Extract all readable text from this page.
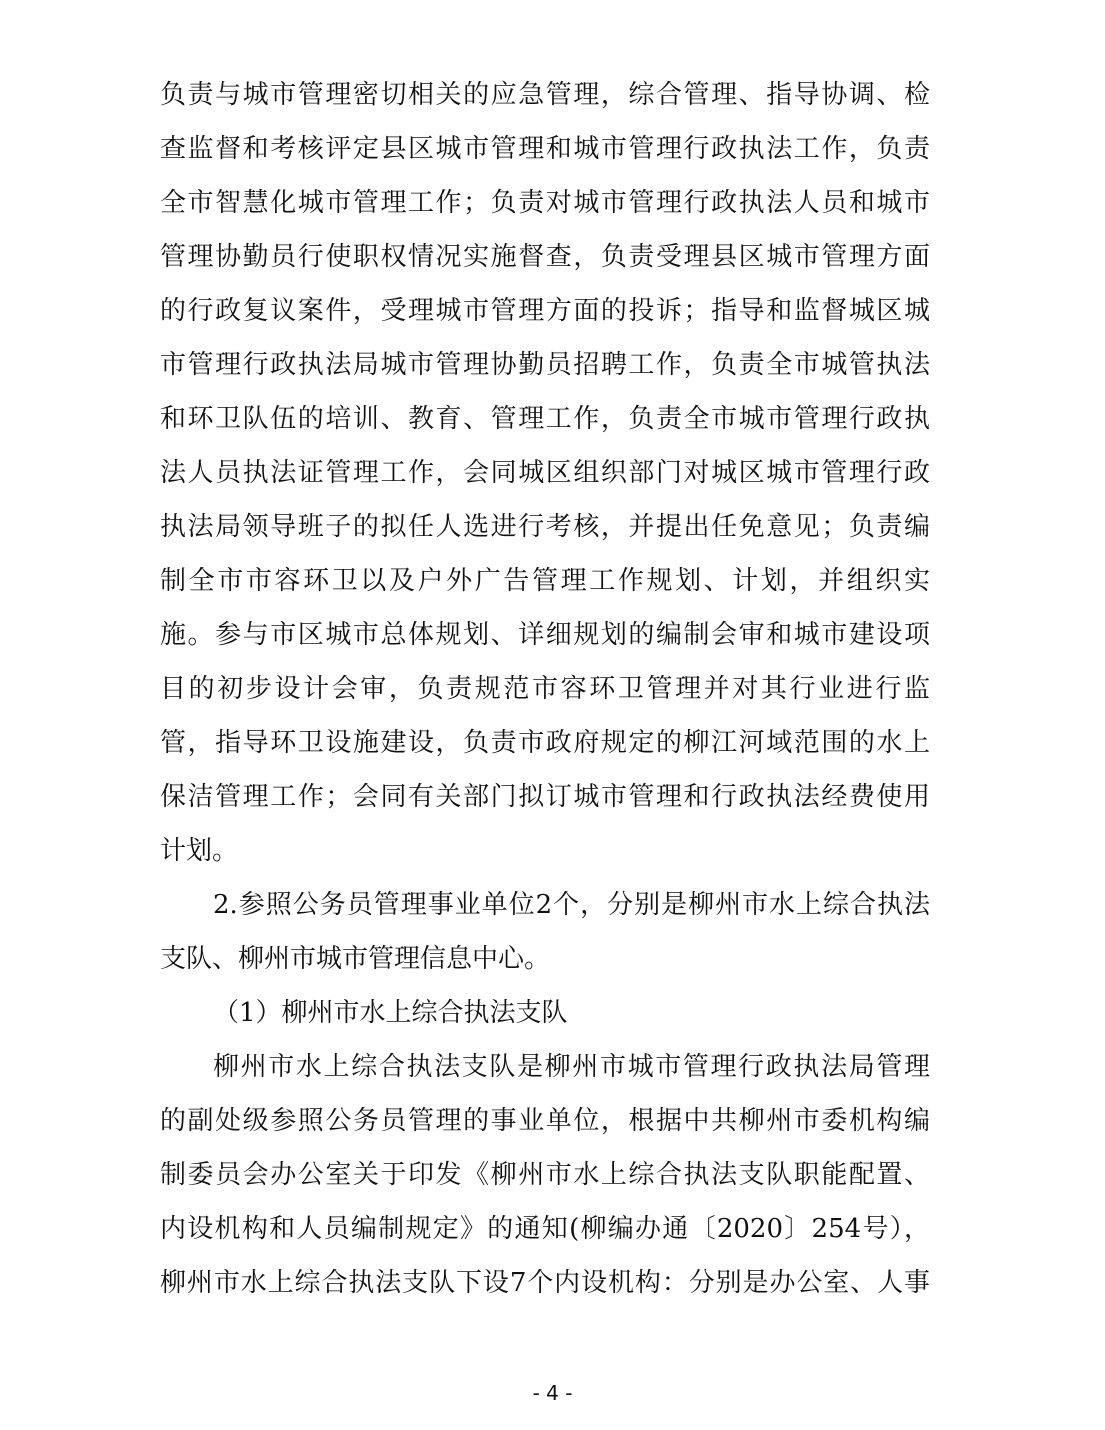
负责与城市管理密切相关的应急管理，综合管理、指导协调、检
查监督和考核评定县区城市管理和城市管理行政执法工作，负责
全市智慧化城市管理工作；负责对城市管理行政执法人员和城市
管理协勤员行使职权情况实施督查，负责受理县区城市管理方面
的行政复议案件，受理城市管理方面的投诉；指导和监督城区城
市管理行政执法局城市管理协勤员招聘工作，负责全市城管执法
和环卫队伍的培训、教育、管理工作，负责全市城市管理行政执
法人员执法证管理工作，会同城区组织部门对城区城市管理行政
执法局领导班子的拟任人选进行考核，并提出任免意见；负责编
制全市市容环卫以及户外广告管理工作规划、计划，并组织实
施。参与市区城市总体规划、详细规划的编制会审和城市建设项
目的初步设计会审，负责规范市容环卫管理并对其行业进行监
管，指导环卫设施建设，负责市政府规定的柳江河域范围的水上
保洁管理工作；会同有关部门拟订城市管理和行政执法经费使用
计划。
2.参照公务员管理事业单位2个，分别是柳州市水上综合执法
支队、柳州市城市管理信息中心。
（1）柳州市水上综合执法支队
柳州市水上综合执法支队是柳州市城市管理行政执法局管理
的副处级参照公务员管理的事业单位，根据中共柳州市委机构编
制委员会办公室关于印发《柳州市水上综合执法支队职能配置、
内设机构和人员编制规定》的通知(柳编办通〔2020〕254号），
柳州市水上综合执法支队下设7个内设机构：分别是办公室、人事
- 4 -
